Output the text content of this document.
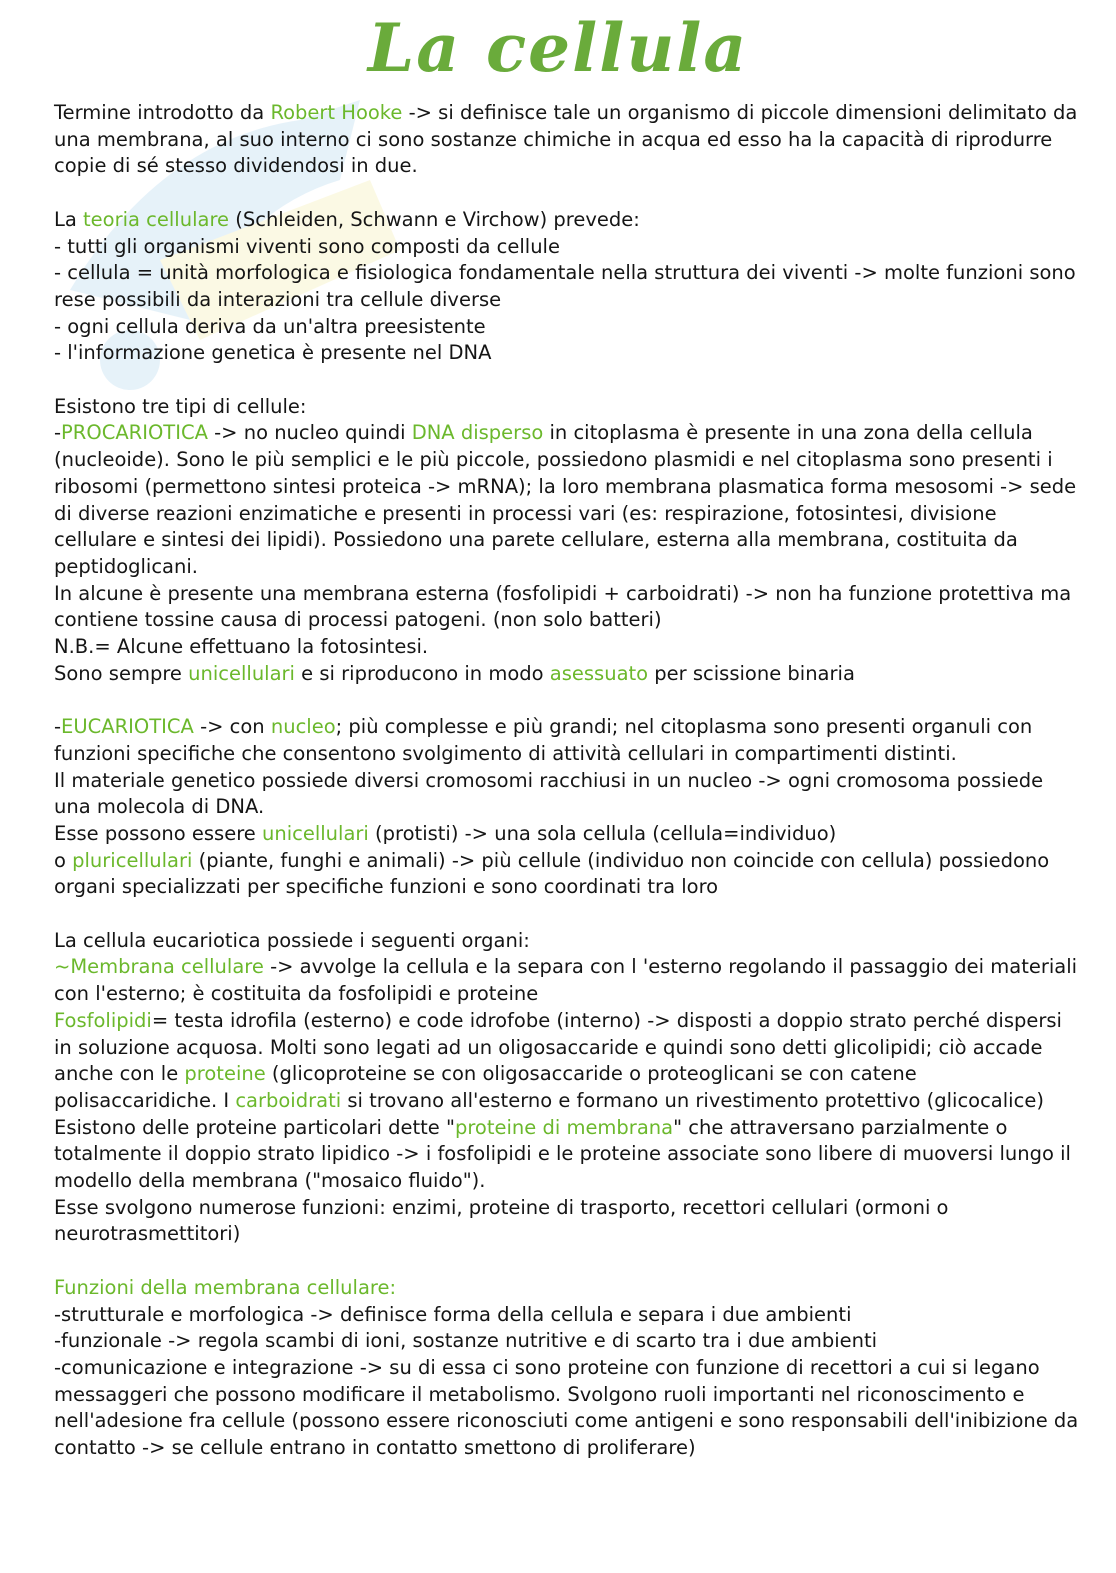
La cellula

Termine introdotto da Robert Hooke -> si definisce tale un organismo di piccole dimensioni delimitato da una membrana, al suo interno ci sono sostanze chimiche in acqua ed esso ha la capacità di riprodurre copie di sé stesso dividendosi in due.

La teoria cellulare (Schleiden, Schwann e Virchow) prevede:

- tutti gli organismi viventi sono composti da cellule

- cellula = unità morfologica e fisiologica fondamentale nella struttura dei viventi -> molte funzioni sono rese possibili da interazioni tra cellule diverse

- ogni cellula deriva da un'altra preesistente

- l'informazione genetica è presente nel DNA

Esistono tre tipi di cellule:

-PROCARIOTICA -> no nucleo quindi DNA disperso in citoplasma è presente in una zona della cellula (nucleoide). Sono le più semplici e le più piccole, possiedono plasmidi e nel citoplasma sono presenti i ribosomi (permettono sintesi proteica -> mRNA); la loro membrana plasmatica forma mesosomi -> sede di diverse reazioni enzimatiche e presenti in processi vari (es: respirazione, fotosintesi, divisione cellulare e sintesi dei lipidi). Possiedono una parete cellulare, esterna alla membrana, costituita da peptidoglicani.

In alcune è presente una membrana esterna (fosfolipidi + carboidrati) -> non ha funzione protettiva ma contiene tossine causa di processi patogeni. (non solo batteri)

N.B.= Alcune effettuano la fotosintesi.

Sono sempre unicellulari e si riproducono in modo asessuato per scissione binaria

-EUCARIOTICA -> con nucleo; più complesse e più grandi; nel citoplasma sono presenti organuli con funzioni specifiche che consentono svolgimento di attività cellulari in compartimenti distinti.

Il materiale genetico possiede diversi cromosomi racchiusi in un nucleo -> ogni cromosoma possiede una molecola di DNA.

Esse possono essere unicellulari (protisti) -> una sola cellula (cellula=individuo)

o pluricellulari (piante, funghi e animali) -> più cellule (individuo non coincide con cellula) possiedono organi specializzati per specifiche funzioni e sono coordinati tra loro

La cellula eucariotica possiede i seguenti organi:

~Membrana cellulare -> avvolge la cellula e la separa con l 'esterno regolando il passaggio dei materiali con l'esterno; è costituita da fosfolipidi e proteine

Fosfolipidi= testa idrofila (esterno) e code idrofobe (interno) -> disposti a doppio strato perché dispersi in soluzione acquosa. Molti sono legati ad un oligosaccaride e quindi sono detti glicolipidi; ciò accade anche con le proteine (glicoproteine se con oligosaccaride o proteoglicani se con catene polisaccaridiche. I carboidrati si trovano all'esterno e formano un rivestimento protettivo (glicocalice)

Esistono delle proteine particolari dette "proteine di membrana" che attraversano parzialmente o totalmente il doppio strato lipidico -> i fosfolipidi e le proteine associate sono libere di muoversi lungo il modello della membrana ("mosaico fluido").

Esse svolgono numerose funzioni: enzimi, proteine di trasporto, recettori cellulari (ormoni o neurotrasmettitori)

Funzioni della membrana cellulare:

-strutturale e morfologica -> definisce forma della cellula e separa i due ambienti

-funzionale -> regola scambi di ioni, sostanze nutritive e di scarto tra i due ambienti

-comunicazione e integrazione -> su di essa ci sono proteine con funzione di recettori a cui si legano messaggeri che possono modificare il metabolismo. Svolgono ruoli importanti nel riconoscimento e nell'adesione fra cellule (possono essere riconosciuti come antigeni e sono responsabili dell'inibizione da contatto -> se cellule entrano in contatto smettono di proliferare)
